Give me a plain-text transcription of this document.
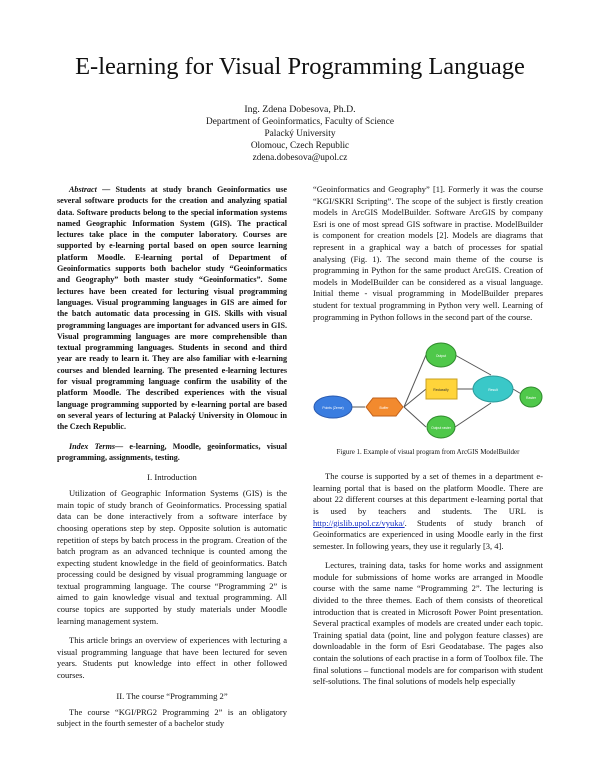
E-learning for Visual Programming Language
Ing. Zdena Dobesova, Ph.D.
Department of Geoinformatics, Faculty of Science
Palacký University
Olomouc, Czech Republic
zdena.dobesova@upol.cz

Abstract — Students at study branch Geoinformatics use several software products for the creation and analyzing spatial data. Software products belong to the special information systems named Geographic Information System (GIS). The practical lectures take place in the computer laboratory. Courses are supported by e-learning portal based on open source learning platform Moodle. E-learning portal of Department of Geoinformatics supports both bachelor study “Geoinformatics and Geography” both master study “Geoinformatics”. Some lectures have been created for lecturing visual programming languages. Visual programming languages in GIS are aimed for the batch automatic data processing in GIS. Skills with visual programming languages are important for advanced users in GIS. Visual programming languages are more comprehensible than textual programming languages. Students in second and third year are ready to learn it. They are also familiar with e-learning courses and blended learning. The presented e-learning lectures for visual programming language confirm the usability of the platform Moodle. The described experiences with the visual language programming supported by e-learning portal are based on several years of lecturing at Palacký University in Olomouc in the Czech Republic.

Index Terms— e-learning, Moodle, geoinformatics, visual programming, assignments, testing.

I. Introduction

Utilization of Geographic Information Systems (GIS) is the main topic of study branch of Geoinformatics. Processing spatial data can be done interactively from a software interface by choosing operations step by step. Opposite solution is automatic repetition of steps by batch process in the program. Creation of the batch program as an advanced technique is counted among the expecting student knowledge in the field of geoinformatics. Batch processing could be designed by visual programming language or textual programming language. The course “Programming 2” is aimed to gain knowledge visual and textual programming. All course topics are supported by study materials under Moodle learning management system.

This article brings an overview of experiences with lecturing a visual programming language that have been lectured for seven years. Students put knowledge into effect in other followed courses.

II. The course “Programming 2”

The course “KGI/PRG2 Programming 2” is an obligatory subject in the fourth semester of a bachelor study

“Geoinformatics and Geography” [1]. Formerly it was the course “KGI/SKRI Scripting”. The scope of the subject is firstly creation models in ArcGIS ModelBuilder. Software ArcGIS by company Esri is one of most spread GIS software in practise. ModelBuilder is component for creation models [2]. Models are diagrams that represent in a graphical way a batch of processes for spatial analysing (Fig. 1). The second main theme of the course is programming in Python for the same product ArcGIS. Creation of models in ModelBuilder can be considered as a visual language. Initial theme - visual programming in ModelBuilder prepares student for textual programming in Python very well. Learning of programming in Python follows in the second part of the course.

Points (Zeme)	Buffer
Output
Reclassify
Output raster
Result
Raster
Figure 1. Example of visual program from ArcGIS ModelBuilder

The course is supported by a set of themes in a department e-learning portal that is based on the platform Moodle. There are about 22 different courses at this department e-learning portal that is used by teachers and students. The URL is http://gislib.upol.cz/vyuka/. Students of study branch of Geoinformatics are experienced in using Moodle early in the first semester. In following years, they use it regularly [3, 4].

Lectures, training data, tasks for home works and assignment module for submissions of home works are arranged in Moodle course with the same name “Programming 2”. The lecturing is divided to the three themes. Each of them consists of theoretical introduction that is created in Microsoft Power Point presentation. Several practical examples of models are created under each topic. Training spatial data (point, line and polygon feature classes) are downloadable in the form of Esri Geodatabase. The pages also contain the solutions of each practise in a form of Toolbox file. The final solutions – functional models are for comparison with student self-solutions. The final solutions of models help especially
